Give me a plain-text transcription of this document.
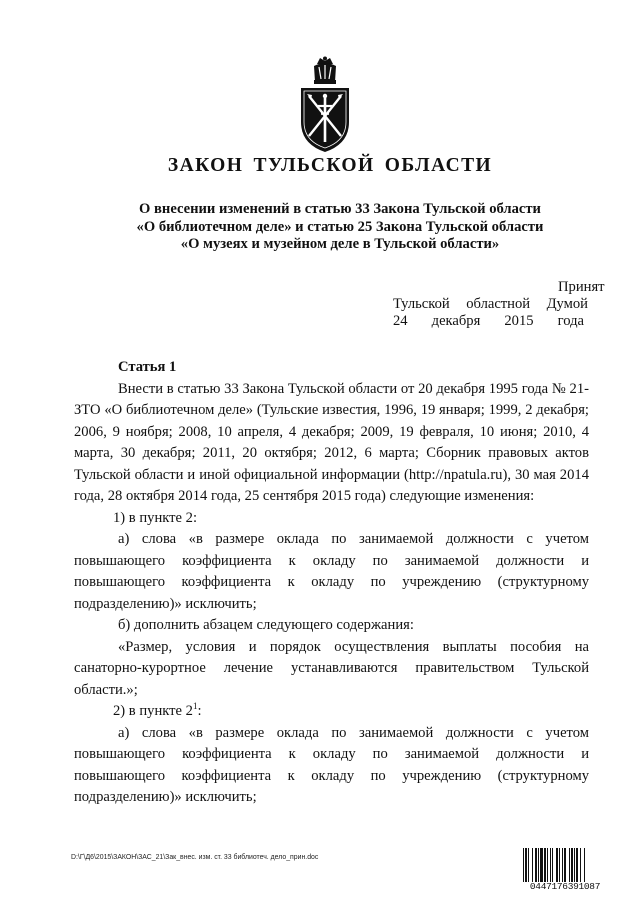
ЗАКОН ТУЛЬСКОЙ ОБЛАСТИ
О внесении изменений в статью 33 Закона Тульской области
«О библиотечном деле» и статью 25 Закона Тульской области
«О музеях и музейном деле в Тульской области»
Принят
Тульской областной Думой
24 декабря 2015 года

Статья 1

Внести в статью 33 Закона Тульской области от 20 декабря 1995 года № 21-ЗТО «О библиотечном деле» (Тульские известия, 1996, 19 января; 1999, 2 декабря; 2006, 9 ноября; 2008, 10 апреля, 4 декабря; 2009, 19 февраля, 10 июня; 2010, 4 марта, 30 декабря; 2011, 20 октября; 2012, 6 марта; Сборник правовых актов Тульской области и иной официальной информации (http://npatula.ru), 30 мая 2014 года, 28 октября 2014 года, 25 сентября 2015 года) следующие изменения:

1) в пункте 2:

а) слова «в размере оклада по занимаемой должности с учетом повышающего коэффициента к окладу по занимаемой должности и повышающего коэффициента к окладу по учреждению (структурному подразделению)» исключить;

б) дополнить абзацем следующего содержания:

«Размер, условия и порядок осуществления выплаты пособия на санаторно-курортное лечение устанавливаются правительством Тульской области.»;

2) в пункте $2^1$:

а) слова «в размере оклада по занимаемой должности с учетом повышающего коэффициента к окладу по занимаемой должности и повышающего коэффициента к окладу по учреждению (структурному подразделению)» исключить;

D:\Г\Д6\2015\ЗАКОН\ЗАС_21\Зак_внес. изм. ст. 33 библиотеч. дело_прин.doc
0447176391087
